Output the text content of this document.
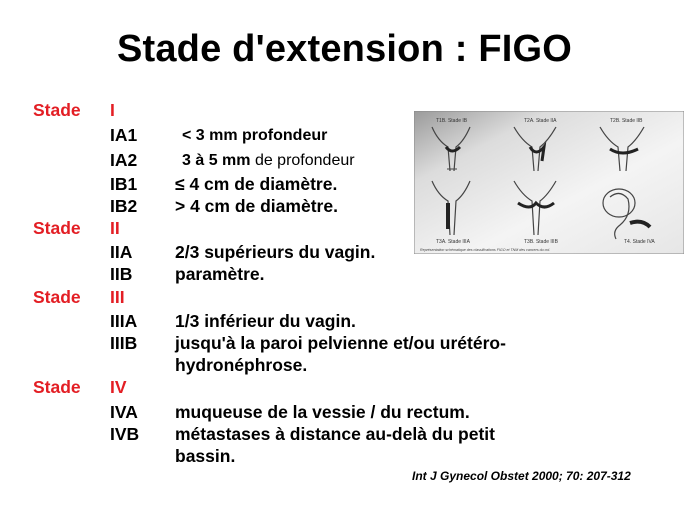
Stade d'extension : FIGO
Stade I
IA1	< 3 mm profondeur
IA2	3 à 5 mm de profondeur
IB1 ≤ 4 cm de diamètre.
IB2 > 4 cm de diamètre.
Stade II
IIA 2/3 supérieurs du vagin.
IIB paramètre.
Stade III
IIIA 1/3 inférieur du vagin.
IIIB jusqu'à la paroi pelvienne et/ou urétéro-
hydronéphrose.
Stade IV
IVA muqueuse de la vessie / du rectum.
IVB métastases à distance au-delà du petit
bassin.
Int J Gynecol Obstet 2000; 70: 207-312
T1B. Stade IB	T2A. Stade IIA	T2B. Stade IIB
T3A. Stade IIIA	T3B. Stade IIIB	T4. Stade IVA
Représentation schématique des classifications FIGO et TNM des cancers du col.
